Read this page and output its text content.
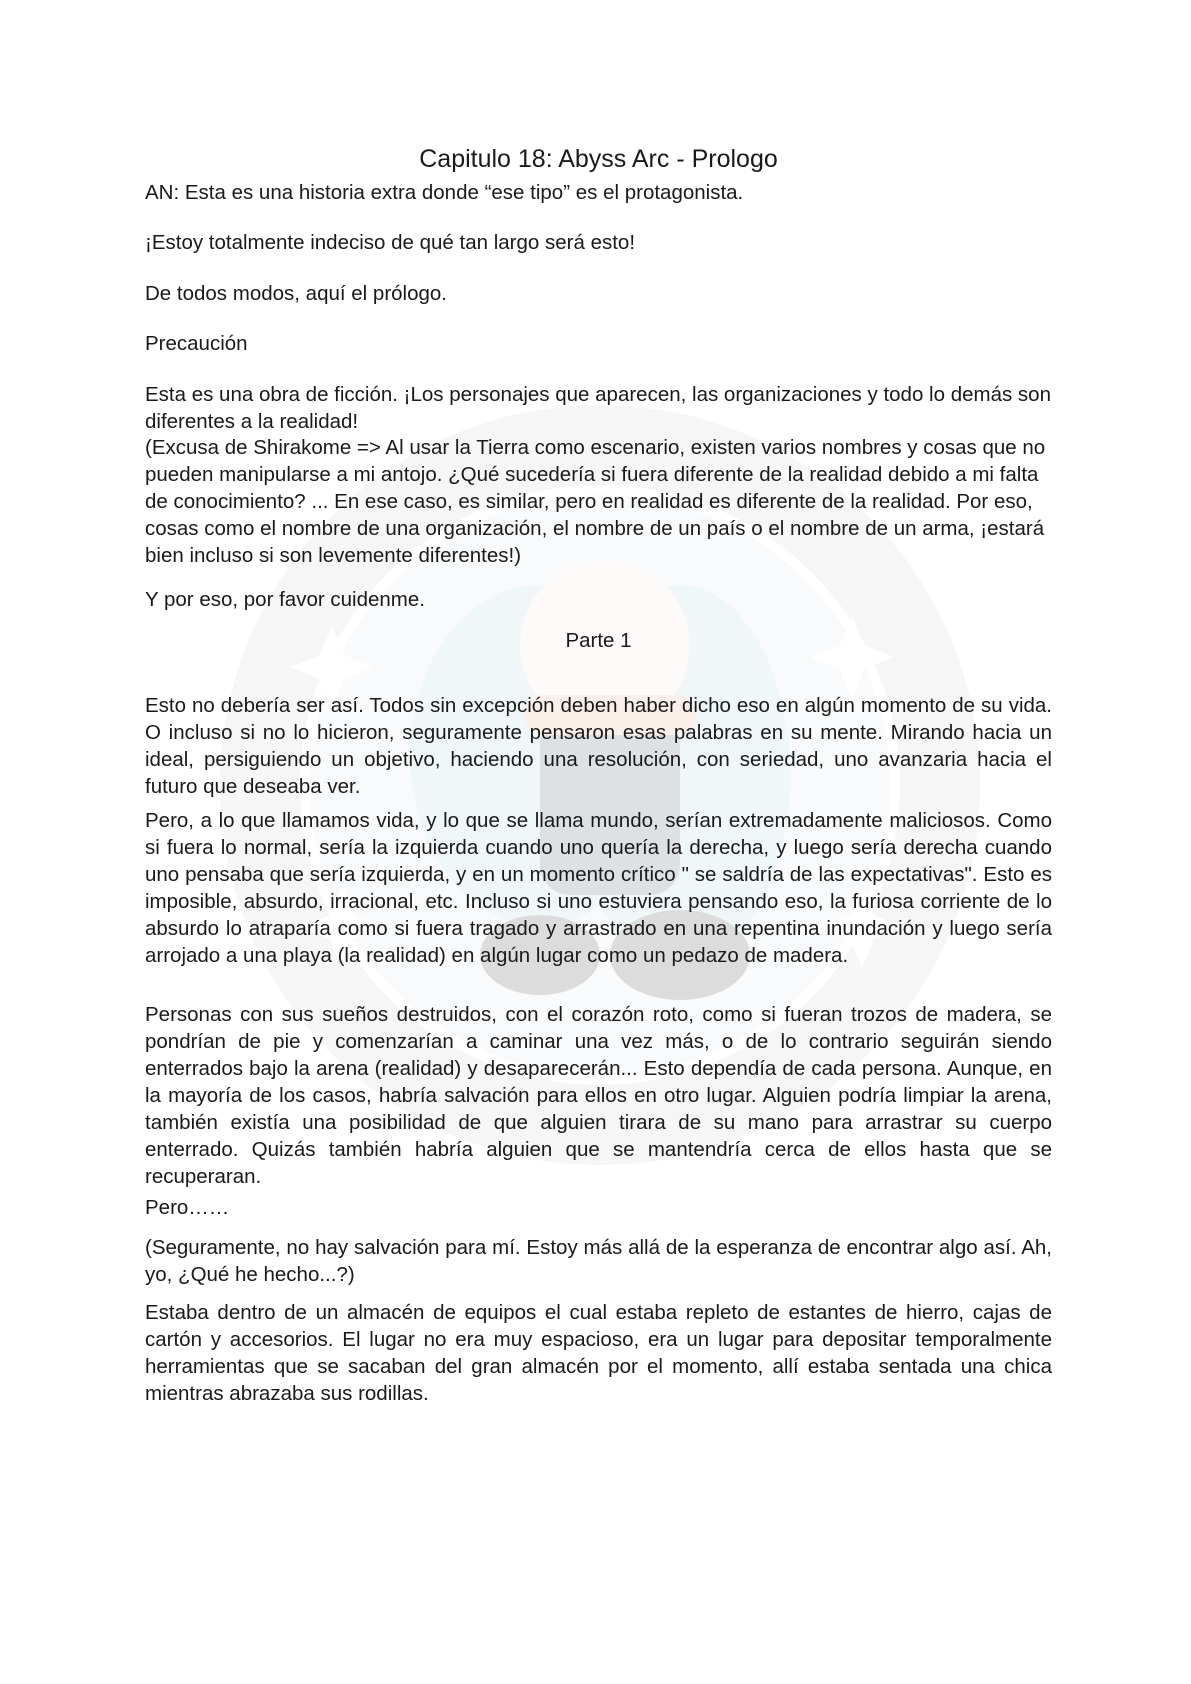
Capitulo 18: Abyss Arc - Prologo

AN: Esta es una historia extra donde “ese tipo” es el protagonista.

¡Estoy totalmente indeciso de qué tan largo será esto!

De todos modos, aquí el prólogo.

Precaución

Esta es una obra de ficción. ¡Los personajes que aparecen, las organizaciones y todo lo demás son diferentes a la realidad!

(Excusa de Shirakome => Al usar la Tierra como escenario, existen varios nombres y cosas que no pueden manipularse a mi antojo. ¿Qué sucedería si fuera diferente de la realidad debido a mi falta de conocimiento? ... En ese caso, es similar, pero en realidad es diferente de la realidad. Por eso, cosas como el nombre de una organización, el nombre de un país o el nombre de un arma, ¡estará bien incluso si son levemente diferentes!)

Y por eso, por favor cuidenme.

Parte 1

Esto no debería ser así. Todos sin excepción deben haber dicho eso en algún momento de su vida. O incluso si no lo hicieron, seguramente pensaron esas palabras en su mente. Mirando hacia un ideal, persiguiendo un objetivo, haciendo una resolución, con seriedad, uno avanzaria hacia el futuro que deseaba ver.

Pero, a lo que llamamos vida, y lo que se llama mundo, serían extremadamente maliciosos. Como si fuera lo normal, sería la izquierda cuando uno quería la derecha, y luego sería derecha cuando uno pensaba que sería izquierda, y en un momento crítico " se saldría de las expectativas". Esto es imposible, absurdo, irracional, etc. Incluso si uno estuviera pensando eso, la furiosa corriente de lo absurdo lo atraparía como si fuera tragado y arrastrado en una repentina inundación y luego sería arrojado a una playa (la realidad) en algún lugar como un pedazo de madera.

Personas con sus sueños destruidos, con el corazón roto, como si fueran trozos de madera, se pondrían de pie y comenzarían a caminar una vez más, o de lo contrario seguirán siendo enterrados bajo la arena (realidad) y desaparecerán... Esto dependía de cada persona. Aunque, en la mayoría de los casos, habría salvación para ellos en otro lugar. Alguien podría limpiar la arena, también existía una posibilidad de que alguien tirara de su mano para arrastrar su cuerpo enterrado. Quizás también habría alguien que se mantendría cerca de ellos hasta que se recuperaran.

Pero……

(Seguramente, no hay salvación para mí. Estoy más allá de la esperanza de encontrar algo así. Ah, yo, ¿Qué he hecho...?)

Estaba dentro de un almacén de equipos el cual estaba repleto de estantes de hierro, cajas de cartón y accesorios. El lugar no era muy espacioso, era un lugar para depositar temporalmente herramientas que se sacaban del gran almacén por el momento, allí estaba sentada una chica mientras abrazaba sus rodillas.
